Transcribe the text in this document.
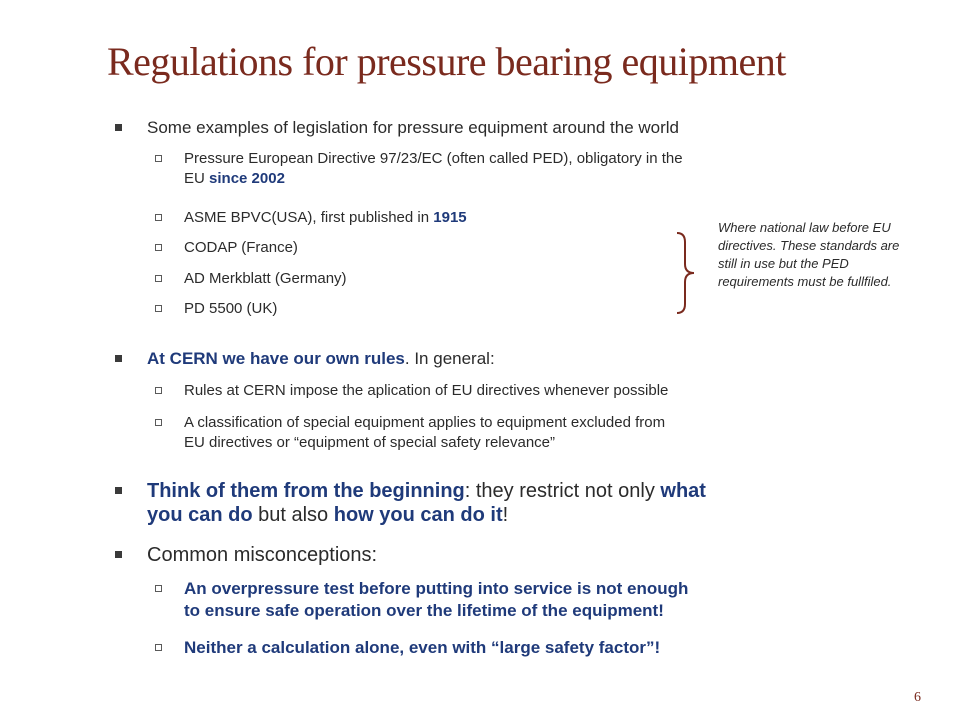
Regulations for pressure bearing equipment
Some examples of legislation for pressure equipment around the world
Pressure European Directive 97/23/EC (often called PED), obligatory in the
EU since 2002
ASME BPVC(USA), first published in 1915
CODAP (France)
AD Merkblatt (Germany)
PD 5500 (UK)
Where national law before EU directives. These standards are still in use but the PED requirements must be fullfiled.
At CERN we have our own rules. In general:
Rules at CERN impose the aplication of EU directives whenever possible
A classification of special equipment applies to equipment excluded from
EU directives or “equipment of special safety relevance”
Think of them from the beginning: they restrict not only what
you can do but also how you can do it!
Common misconceptions:
An overpressure test before putting into service is not enough
to ensure safe operation over the lifetime of the equipment!
Neither a calculation alone, even with “large safety factor”!
6
